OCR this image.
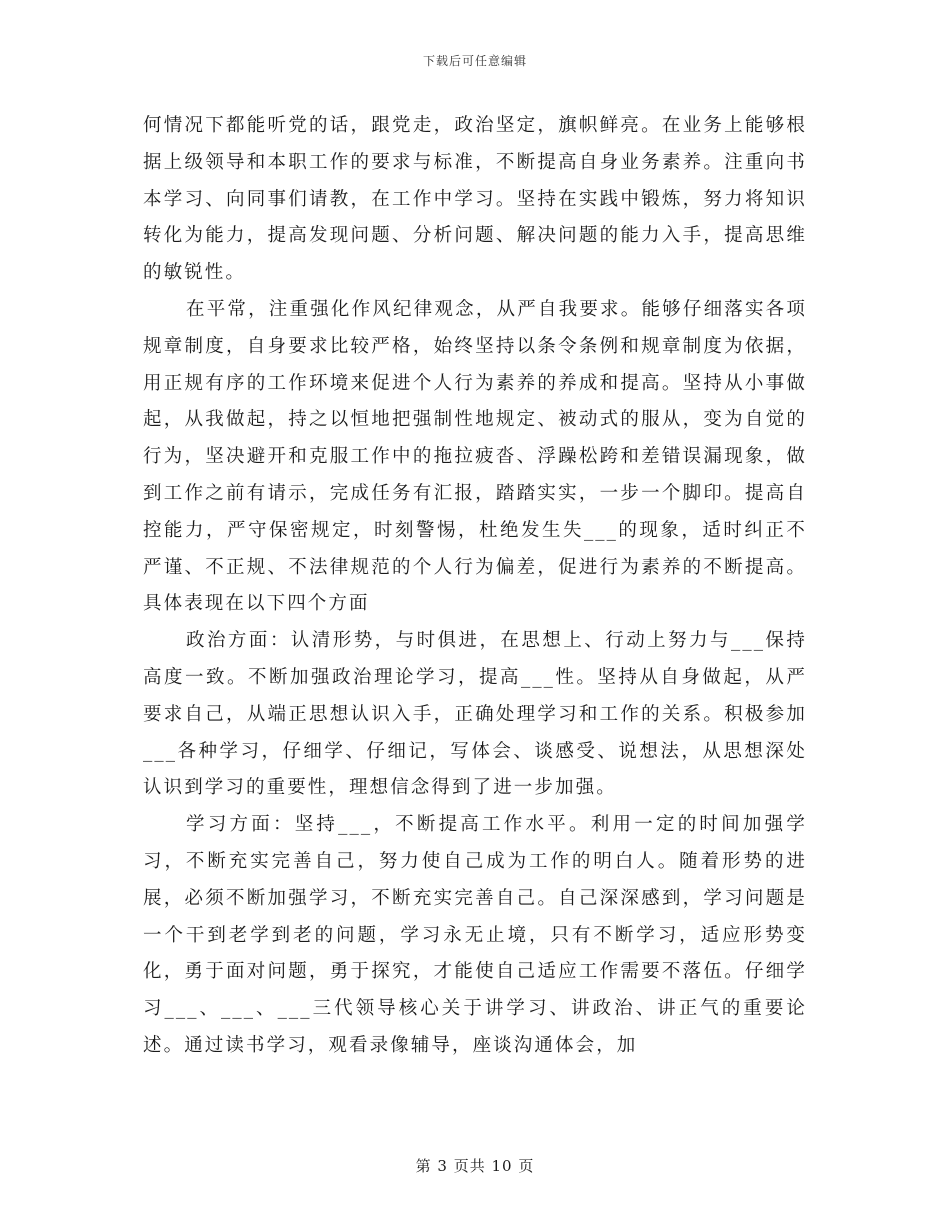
下载后可任意编辑

何情况下都能听党的话，跟党走，政治坚定，旗帜鲜亮。在业务上能够根据上级领导和本职工作的要求与标准，不断提高自身业务素养。注重向书本学习、向同事们请教，在工作中学习。坚持在实践中锻炼，努力将知识转化为能力，提高发现问题、分析问题、解决问题的能力入手，提高思维的敏锐性。

在平常，注重强化作风纪律观念，从严自我要求。能够仔细落实各项规章制度，自身要求比较严格，始终坚持以条令条例和规章制度为依据，用正规有序的工作环境来促进个人行为素养的养成和提高。坚持从小事做起，从我做起，持之以恒地把强制性地规定、被动式的服从，变为自觉的行为，坚决避开和克服工作中的拖拉疲沓、浮躁松跨和差错误漏现象，做到工作之前有请示，完成任务有汇报，踏踏实实，一步一个脚印。提高自控能力，严守保密规定，时刻警惕，杜绝发生失___的现象，适时纠正不严谨、不正规、不法律规范的个人行为偏差，促进行为素养的不断提高。具体表现在以下四个方面

政治方面：认清形势，与时俱进，在思想上、行动上努力与___保持高度一致。不断加强政治理论学习，提高___性。坚持从自身做起，从严要求自己，从端正思想认识入手，正确处理学习和工作的关系。积极参加___各种学习，仔细学、仔细记，写体会、谈感受、说想法，从思想深处认识到学习的重要性，理想信念得到了进一步加强。

学习方面：坚持___，不断提高工作水平。利用一定的时间加强学习，不断充实完善自己，努力使自己成为工作的明白人。随着形势的进展，必须不断加强学习，不断充实完善自己。自己深深感到，学习问题是一个干到老学到老的问题，学习永无止境，只有不断学习，适应形势变化，勇于面对问题，勇于探究，才能使自己适应工作需要不落伍。仔细学习___、___、___三代领导核心关于讲学习、讲政治、讲正气的重要论述。通过读书学习，观看录像辅导，座谈沟通体会，加

第 3 页共 10 页
